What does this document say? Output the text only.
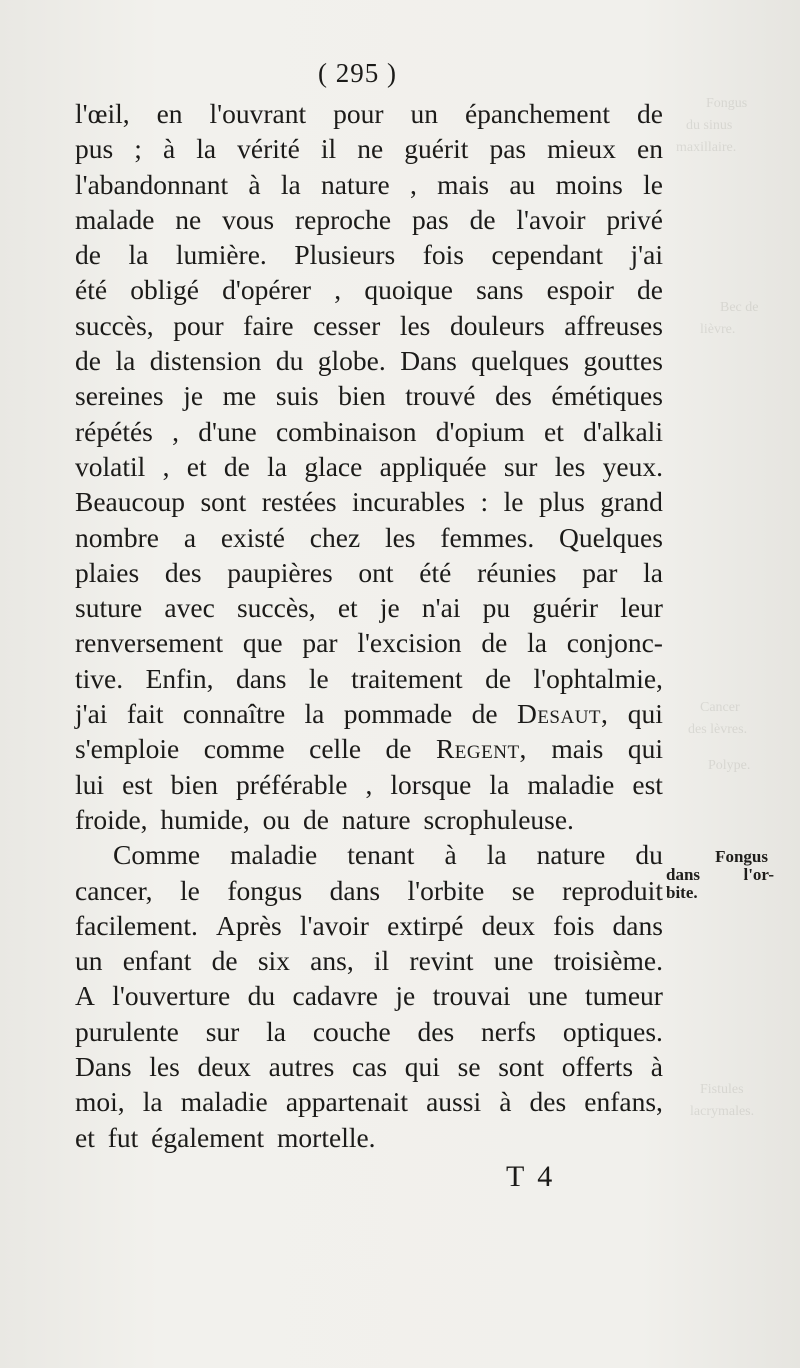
Fongus
du sinus
maxillaire.
Bec de
lièvre.
Cancer
des lèvres.
Polype.
Fistules
lacrymales.
( 295 )
l'œil, en l'ouvrant pour un épanchement de
pus ; à la vérité il ne guérit pas mieux en
l'abandonnant à la nature , mais au moins le
malade ne vous reproche pas de l'avoir privé
de la lumière. Plusieurs fois cependant j'ai
été obligé d'opérer , quoique sans espoir de
succès, pour faire cesser les douleurs affreuses
de la distension du globe. Dans quelques gouttes
sereines je me suis bien trouvé des émétiques
répétés , d'une combinaison d'opium et d'alkali
volatil , et de la glace appliquée sur les yeux.
Beaucoup sont restées incurables : le plus grand
nombre a existé chez les femmes. Quelques
plaies des paupières ont été réunies par la
suture avec succès, et je n'ai pu guérir leur
renversement que par l'excision de la conjonc-
tive. Enfin, dans le traitement de l'ophtalmie,
j'ai fait connaître la pommade de Desaut, qui
s'emploie comme celle de Regent, mais qui
lui est bien préférable , lorsque la maladie est
froide,
humide,
ou
de
nature
scrophuleuse.
Comme maladie tenant à la nature du
cancer, le fongus dans l'orbite se reproduit
facilement. Après l'avoir extirpé deux fois dans
un enfant de six ans, il revint une troisième.
A l'ouverture du cadavre je trouvai une tumeur
purulente sur la couche des nerfs optiques.
Dans les deux autres cas qui se sont offerts à
moi, la maladie appartenait aussi à des enfans,
et
fut
également
mortelle.
Fongus
dans	l'or-
bite.
T 4
